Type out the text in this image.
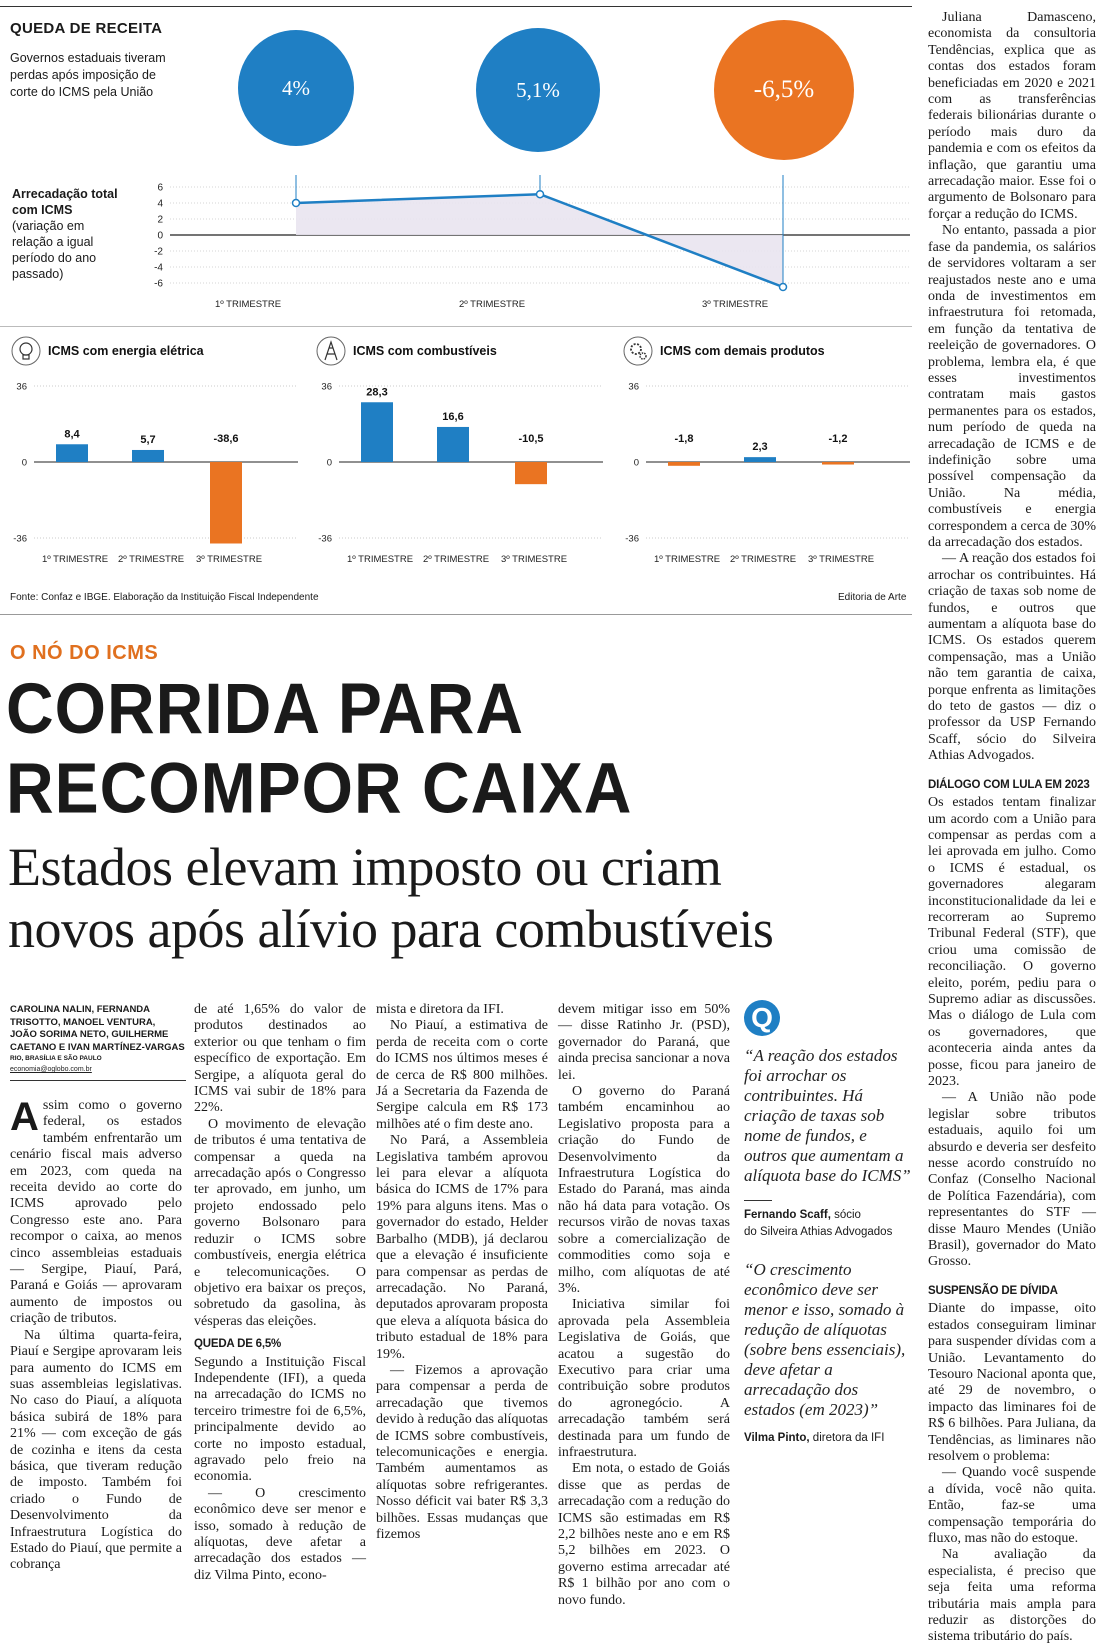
QUEDA DE RECEITA
Governos estaduais tiveram
perdas após imposição de
corte do ICMS pela União
Arrecadação total
com ICMS
(variação em
relação a igual
período do ano
passado)
4%	5,1%	-6,5%
6
4
2
0
-2
-4
-6
1º TRIMESTRE	2º TRIMESTRE	3º TRIMESTRE
ICMS com energia elétrica
36
0
-36
8,4
1º TRIMESTRE
5,7
2º TRIMESTRE
-38,6
3º TRIMESTRE
ICMS com combustíveis
36
0
-36
28,3
1º TRIMESTRE
16,6
2º TRIMESTRE
-10,5
3º TRIMESTRE
ICMS com demais produtos
36
0
-36
-1,8
1º TRIMESTRE
2,3
2º TRIMESTRE
-1,2
3º TRIMESTRE
Fonte: Confaz e IBGE. Elaboração da Instituição Fiscal Independente	Editoria de Arte
O NÓ DO ICMS
CORRIDA PARA
RECOMPOR CAIXA
Estados elevam imposto ou criam
novos após alívio para combustíveis
CAROLINA NALIN, FERNANDA
TRISOTTO, MANOEL VENTURA,
JOÃO SORIMA NETO, GUILHERME
CAETANO E IVAN MARTÍNEZ-VARGAS
RIO, BRASÍLIA E SÃO PAULO
economia@oglobo.com.br

Assim como o governo federal, os estados também enfrentarão um cenário fiscal mais adverso em 2023, com queda na receita devido ao corte do ICMS aprovado pelo Congresso este ano. Para recompor o caixa, ao menos cinco assembleias estaduais — Sergipe, Piauí, Pará, Paraná e Goiás — aprovaram aumento de impostos ou criação de tributos.

Na última quarta-feira, Piauí e Sergipe aprovaram leis para aumento do ICMS em suas assembleias legislativas. No caso do Piauí, a alíquota básica subirá de 18% para 21% — com exceção de gás de cozinha e itens da cesta básica, que tiveram redução de imposto. Também foi criado o Fundo de Desenvolvimento da Infraestrutura Logística do Estado do Piauí, que permite a cobrança

de até 1,65% do valor de produtos destinados ao exterior ou que tenham o fim específico de exportação. Em Sergipe, a alíquota geral do ICMS vai subir de 18% para 22%.

O movimento de elevação de tributos é uma tentativa de compensar a queda na arrecadação após o Congresso ter aprovado, em junho, um projeto endossado pelo governo Bolsonaro para reduzir o ICMS sobre combustíveis, energia elétrica e telecomunicações. O objetivo era baixar os preços, sobretudo da gasolina, às vésperas das eleições.

QUEDA DE 6,5%

Segundo a Instituição Fiscal Independente (IFI), a queda na arrecadação do ICMS no terceiro trimestre foi de 6,5%, principalmente devido ao corte no imposto estadual, agravado pelo freio na economia.

— O crescimento econômico deve ser menor e isso, somado à redução de alíquotas, deve afetar a arrecadação dos estados — diz Vilma Pinto, econo-

mista e diretora da IFI.

No Piauí, a estimativa de perda de receita com o corte do ICMS nos últimos meses é de cerca de R$ 800 milhões. Já a Secretaria da Fazenda de Sergipe calcula em R$ 173 milhões até o fim deste ano.

No Pará, a Assembleia Legislativa também aprovou lei para elevar a alíquota básica do ICMS de 17% para 19% para alguns itens. Mas o governador do estado, Helder Barbalho (MDB), já declarou que a elevação é insuficiente para compensar as perdas de arrecadação. No Paraná, deputados aprovaram proposta que eleva a alíquota básica do tributo estadual de 18% para 19%.

— Fizemos a aprovação para compensar a perda de arrecadação que tivemos devido à redução das alíquotas de ICMS sobre combustíveis, telecomunicações e energia. Também aumentamos as alíquotas sobre refrigerantes. Nosso déficit vai bater R$ 3,3 bilhões. Essas mudanças que fizemos

devem mitigar isso em 50% — disse Ratinho Jr. (PSD), governador do Paraná, que ainda precisa sancionar a nova lei.

O governo do Paraná também encaminhou ao Legislativo proposta para a criação do Fundo de Desenvolvimento da Infraestrutura Logística do Estado do Paraná, mas ainda não há data para votação. Os recursos virão de novas taxas sobre a comercialização de commodities como soja e milho, com alíquotas de até 3%.

Iniciativa similar foi aprovada pela Assembleia Legislativa de Goiás, que acatou a sugestão do Executivo para criar uma contribuição sobre produtos do agronegócio. A arrecadação também será destinada para um fundo de infraestrutura.

Em nota, o estado de Goiás disse que as perdas de arrecadação com a redução do ICMS são estimadas em R$ 2,2 bilhões neste ano e em R$ 5,2 bilhões em 2023. O governo estima arrecadar até R$ 1 bilhão por ano com o novo fundo.

Q
“A reação dos estados foi arrochar os contribuintes. Há criação de taxas sob nome de fundos, e outros que aumentam a alíquota base do ICMS”
Fernando Scaff, sócio
do Silveira Athias Advogados
“O crescimento econômico deve ser menor e isso, somado à redução de alíquotas (sobre bens essenciais), deve afetar a arrecadação dos estados (em 2023)”
Vilma Pinto, diretora da IFI

Juliana Damasceno, economista da consultoria Tendências, explica que as contas dos estados foram beneficiadas em 2020 e 2021 com as transferências federais bilionárias durante o período mais duro da pandemia e com os efeitos da inflação, que garantiu uma arrecadação maior. Esse foi o argumento de Bolsonaro para forçar a redução do ICMS.

No entanto, passada a pior fase da pandemia, os salários de servidores voltaram a ser reajustados neste ano e uma onda de investimentos em infraestrutura foi retomada, em função da tentativa de reeleição de governadores. O problema, lembra ela, é que esses investimentos contratam mais gastos permanentes para os estados, num período de queda na arrecadação de ICMS e de indefinição sobre uma possível compensação da União. Na média, combustíveis e energia correspondem a cerca de 30% da arrecadação dos estados.

— A reação dos estados foi arrochar os contribuintes. Há criação de taxas sob nome de fundos, e outros que aumentam a alíquota base do ICMS. Os estados querem compensação, mas a União não tem garantia de caixa, porque enfrenta as limitações do teto de gastos — diz o professor da USP Fernando Scaff, sócio do Silveira Athias Advogados.

DIÁLOGO COM LULA EM 2023

Os estados tentam finalizar um acordo com a União para compensar as perdas com a lei aprovada em julho. Como o ICMS é estadual, os governadores alegaram inconstitucionalidade da lei e recorreram ao Supremo Tribunal Federal (STF), que criou uma comissão de reconciliação. O governo eleito, porém, pediu para o Supremo adiar as discussões. Mas o diálogo de Lula com os governadores, que aconteceria ainda antes da posse, ficou para janeiro de 2023.

— A União não pode legislar sobre tributos estaduais, aquilo foi um absurdo e deveria ser desfeito nesse acordo construído no Confaz (Conselho Nacional de Política Fazendária), com representantes do STF — disse Mauro Mendes (União Brasil), governador do Mato Grosso.

SUSPENSÃO DE DÍVIDA

Diante do impasse, oito estados conseguiram liminar para suspender dívidas com a União. Levantamento do Tesouro Nacional aponta que, até 29 de novembro, o impacto das liminares foi de R$ 6 bilhões. Para Juliana, da Tendências, as liminares não resolvem o problema:

— Quando você suspende a dívida, você não quita. Então, faz-se uma compensação temporária do fluxo, mas não do estoque.

Na avaliação da especialista, é preciso que seja feita uma reforma tributária mais ampla para reduzir as distorções do sistema tributário do país.
